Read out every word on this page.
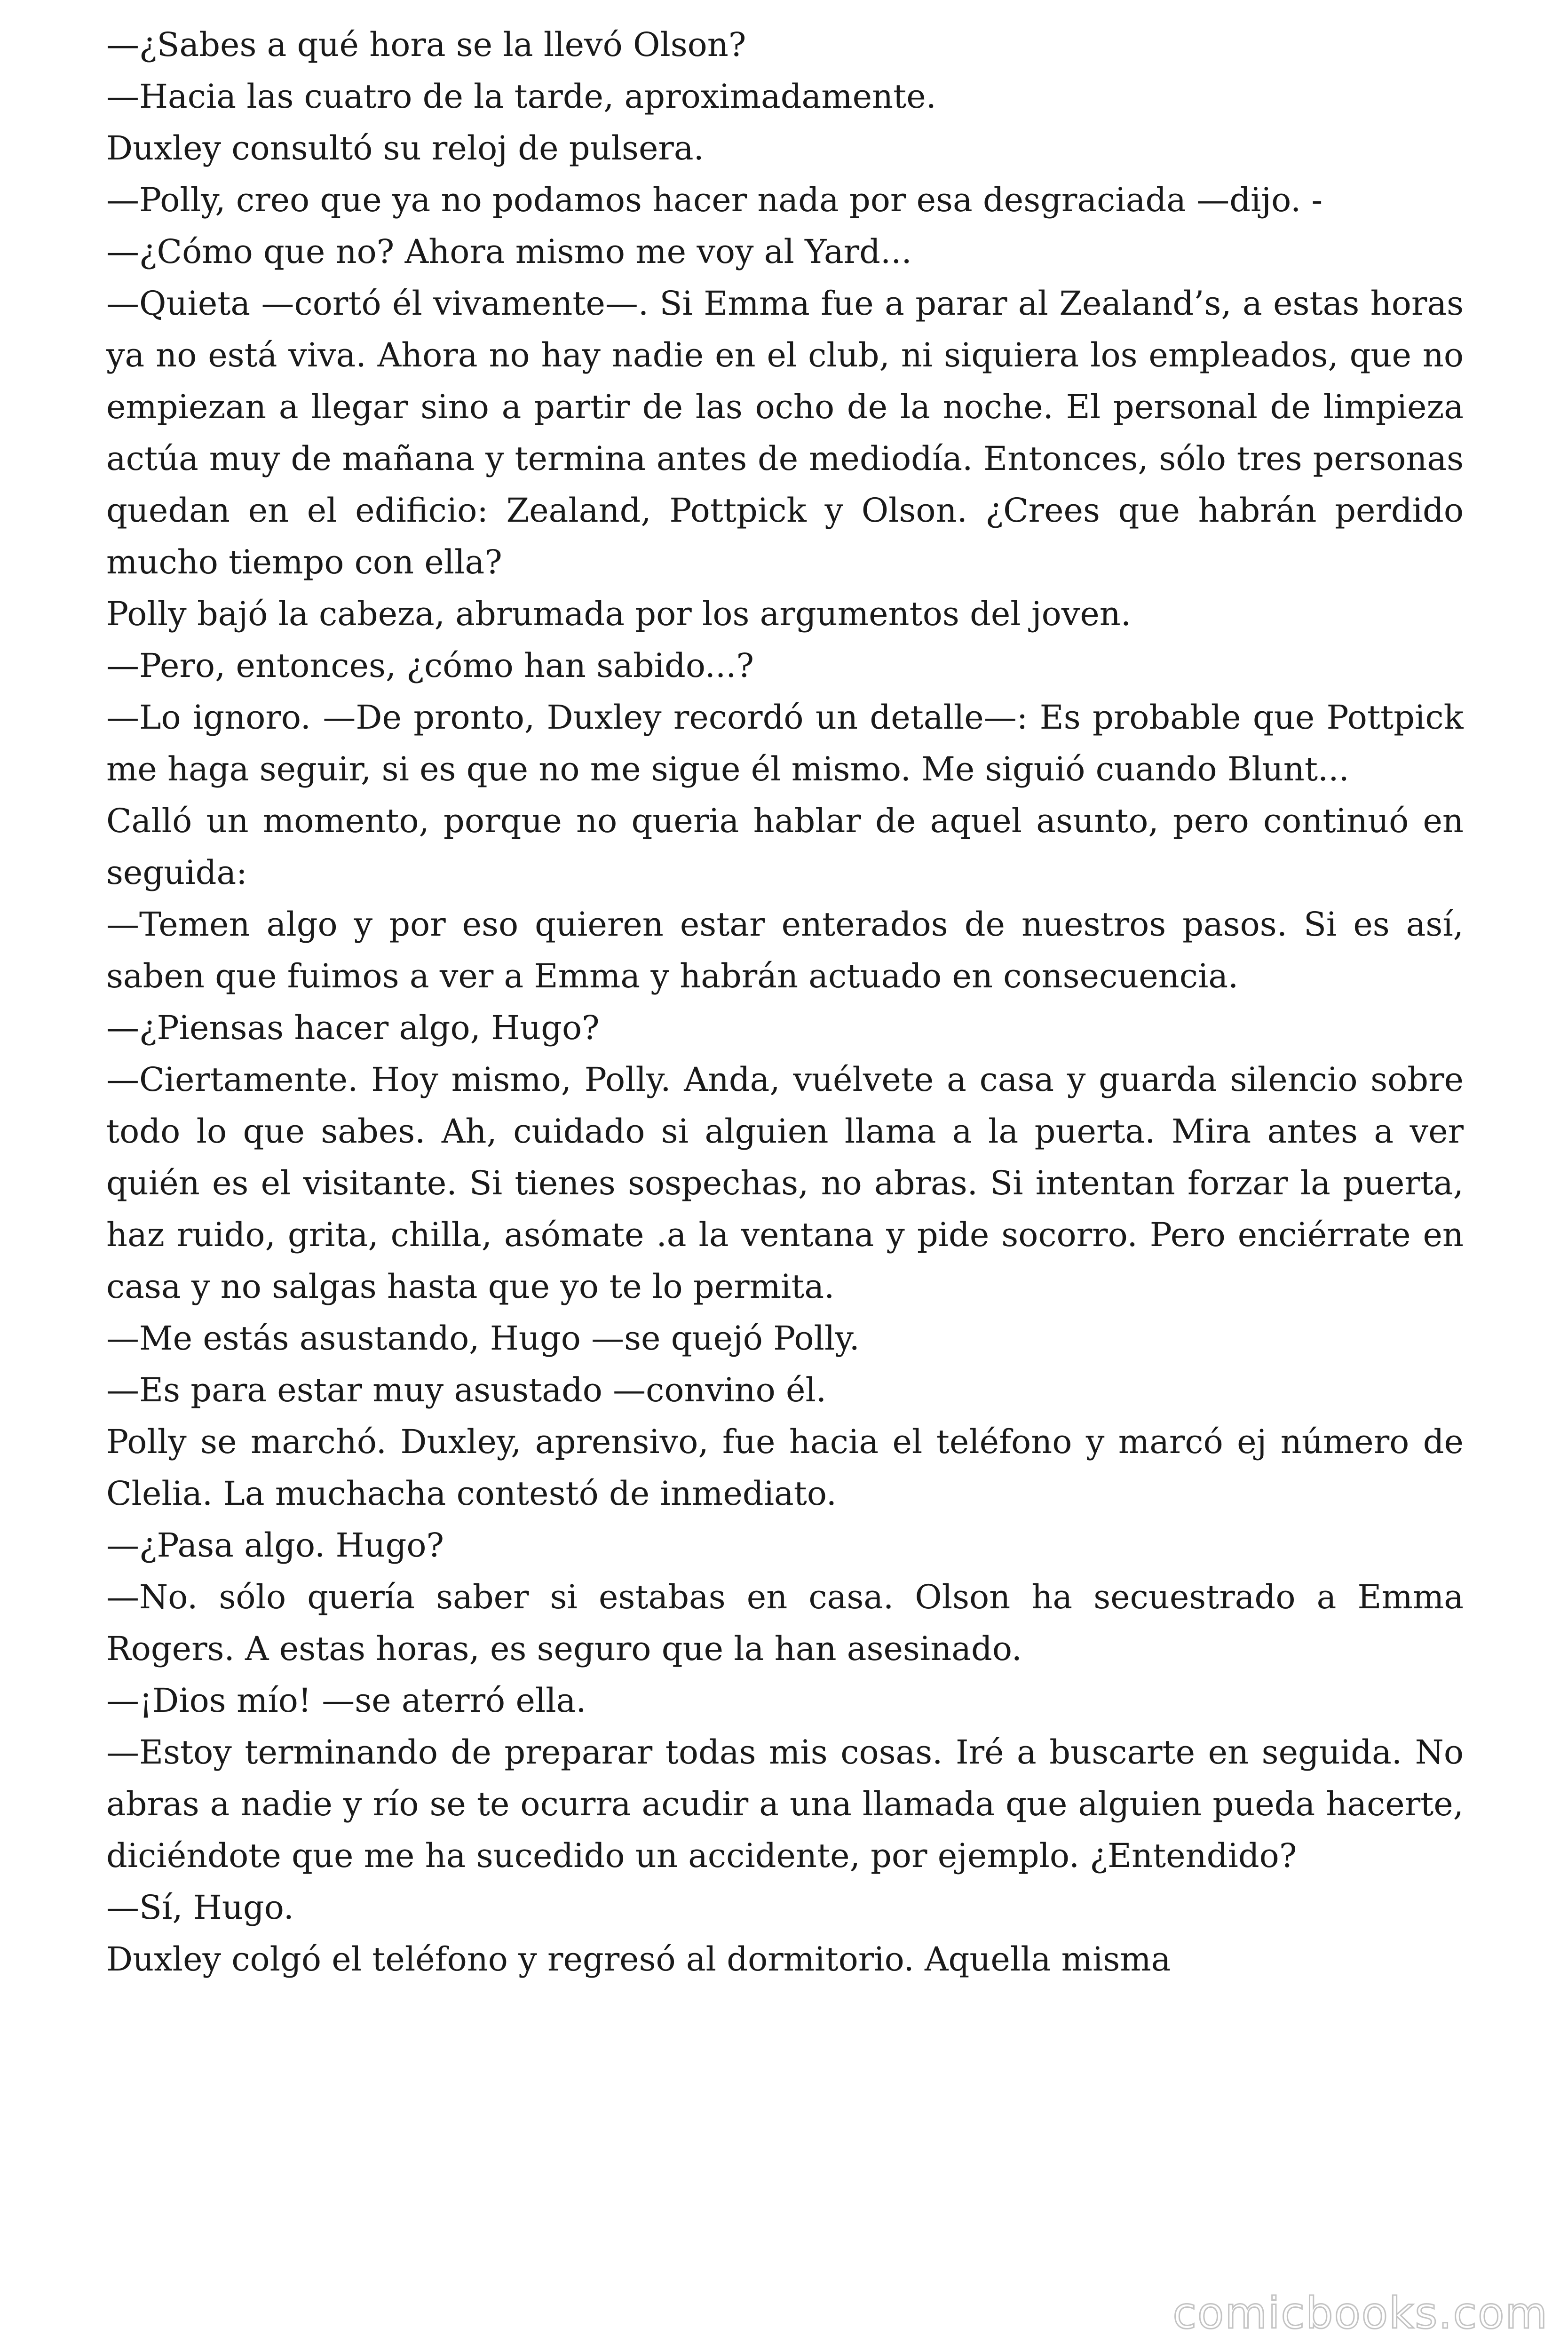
—¿Sabes a qué hora se la llevó Olson?

—Hacia las cuatro de la tarde, aproximadamente.

Duxley consultó su reloj de pulsera.

—Polly, creo que ya no podamos hacer nada por esa desgraciada —dijo. -

—¿Cómo que no? Ahora mismo me voy al Yard...

—Quieta —cortó él vivamente—. Si Emma fue a parar al Zealand’s, a estas horas ya no está viva. Ahora no hay nadie en el club, ni siquiera los empleados, que no empiezan a llegar sino a partir de las ocho de la noche. El personal de limpieza actúa muy de mañana y termina antes de mediodía. Entonces, sólo tres personas quedan en el edificio: Zealand, Pottpick y Olson. ¿Crees que habrán perdido mucho tiempo con ella?

Polly bajó la cabeza, abrumada por los argumentos del joven.

—Pero, entonces, ¿cómo han sabido...?

—Lo ignoro. —De pronto, Duxley recordó un detalle—: Es probable que Pottpick me haga seguir, si es que no me sigue él mismo. Me siguió cuando Blunt...

Calló un momento, porque no queria hablar de aquel asunto, pero continuó en seguida:

—Temen algo y por eso quieren estar enterados de nuestros pasos. Si es así, saben que fuimos a ver a Emma y habrán actuado en consecuencia.

—¿Piensas hacer algo, Hugo?

—Ciertamente. Hoy mismo, Polly. Anda, vuélvete a casa y guarda silencio sobre todo lo que sabes. Ah, cuidado si alguien llama a la puerta. Mira antes a ver quién es el visitante. Si tienes sospechas, no abras. Si intentan forzar la puerta, haz ruido, grita, chilla, asómate .a la ventana y pide socorro. Pero enciérrate en casa y no salgas hasta que yo te lo permita.

—Me estás asustando, Hugo —se quejó Polly.

—Es para estar muy asustado —convino él.

Polly se marchó. Duxley, aprensivo, fue hacia el teléfono y marcó ej número de Clelia. La muchacha contestó de inmediato.

—¿Pasa algo. Hugo?

—No. sólo quería saber si estabas en casa. Olson ha secuestrado a Emma Rogers. A estas horas, es seguro que la han asesinado.

—¡Dios mío! —se aterró ella.

—Estoy terminando de preparar todas mis cosas. Iré a buscarte en seguida. No abras a nadie y río se te ocurra acudir a una llamada que alguien pueda hacerte, diciéndote que me ha sucedido un accidente, por ejemplo. ¿Entendido?

—Sí, Hugo.

Duxley colgó el teléfono y regresó al dormitorio. Aquella misma

comicbooks.com
